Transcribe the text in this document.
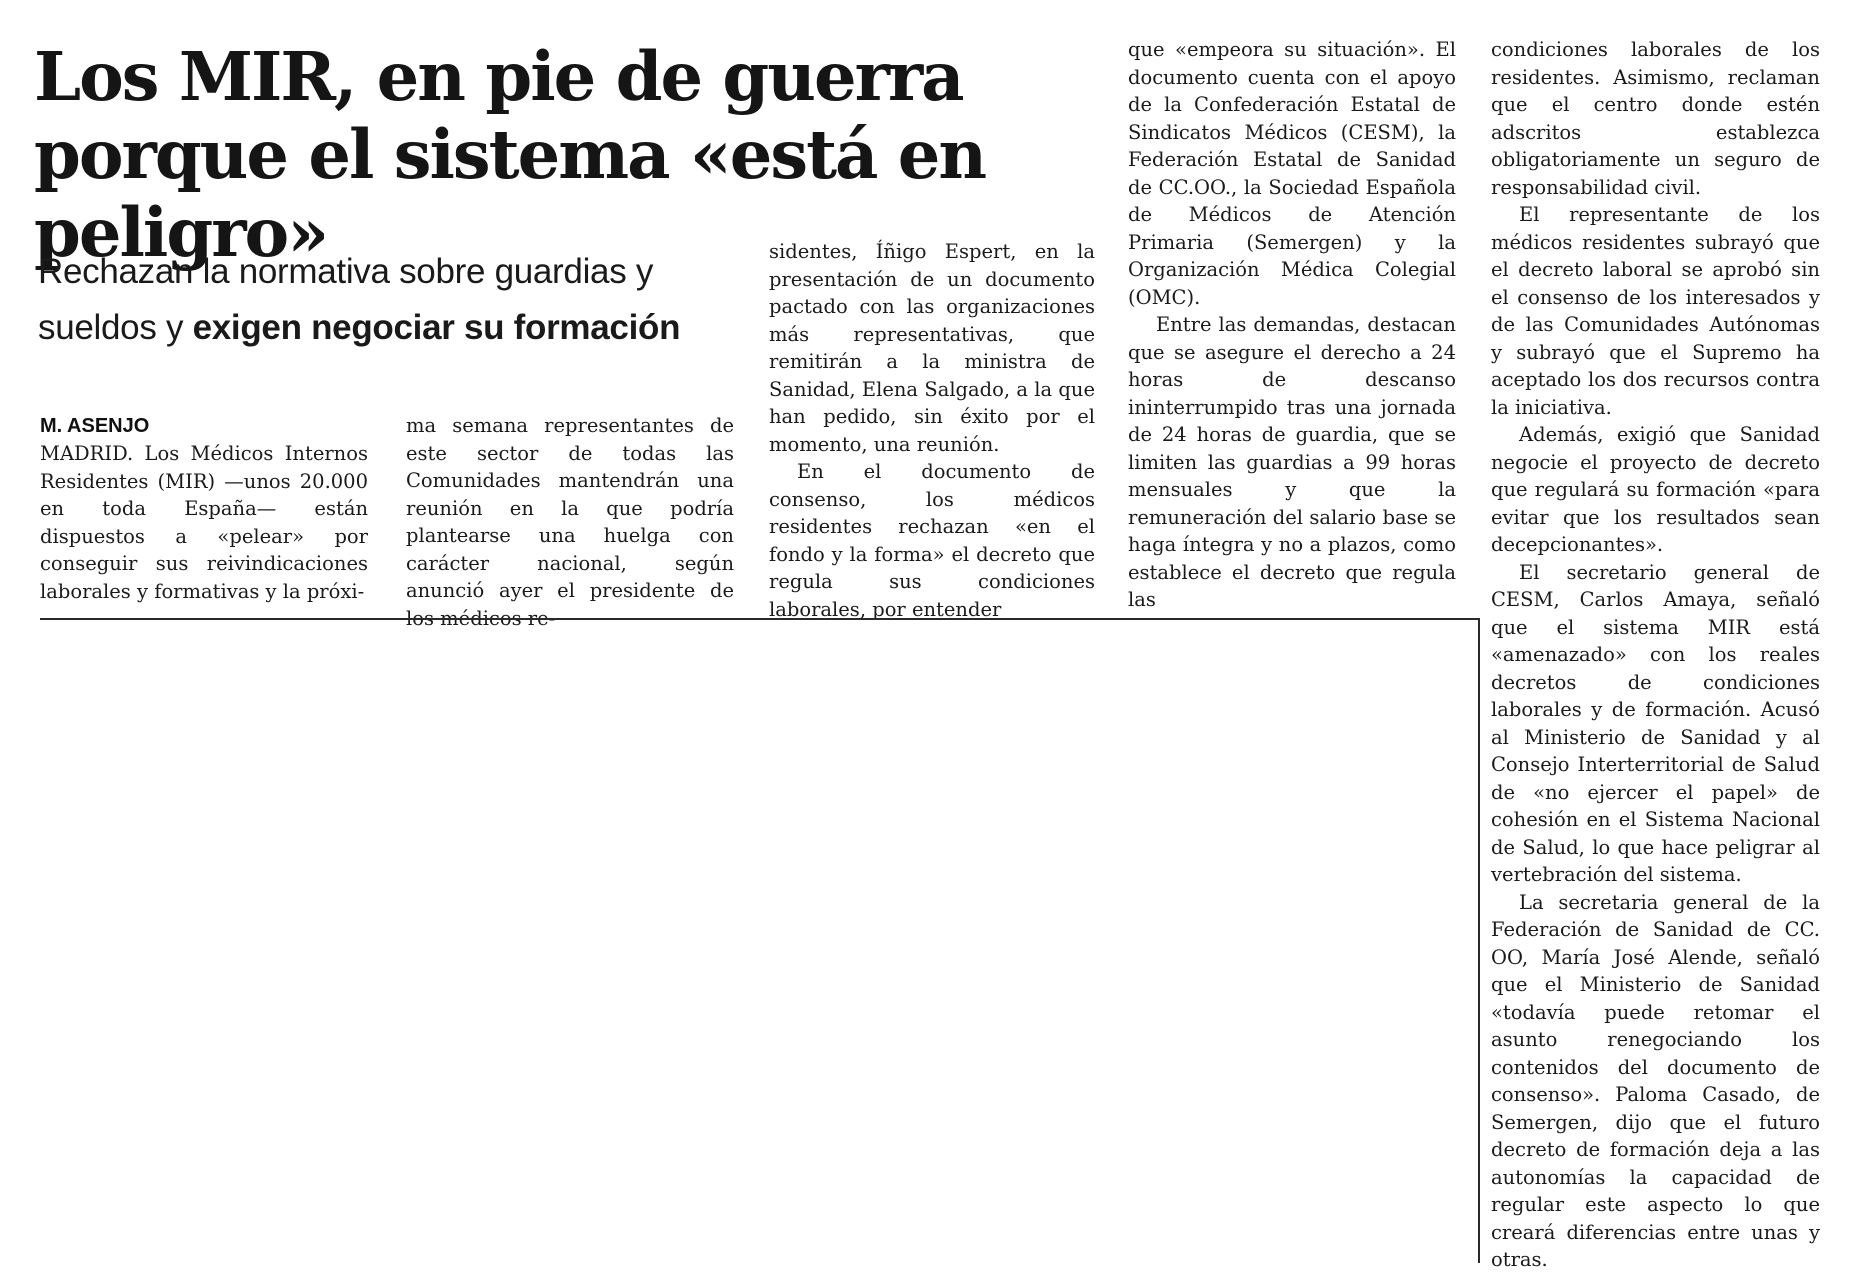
Los MIR, en pie de guerra porque el sistema «está en peligro»
Rechazan la normativa sobre guardias y sueldos y exigen negociar su formación
M. ASENJO

MADRID. Los Médicos Internos Residentes (MIR) —unos 20.000 en toda España— están dispuestos a «pelear» por conseguir sus reivindicaciones laborales y formativas y la próxi-

ma semana representantes de este sector de todas las Comunidades mantendrán una reunión en la que podría plantearse una huelga con carácter nacional, según anunció ayer el presidente de los médicos re-

sidentes, Íñigo Espert, en la presentación de un documento pactado con las organizaciones más representativas, que remitirán a la ministra de Sanidad, Elena Salgado, a la que han pedido, sin éxito por el momento, una reunión.

En el documento de consenso, los médicos residentes rechazan «en el fondo y la forma» el decreto que regula sus condiciones laborales, por entender

que «empeora su situación». El documento cuenta con el apoyo de la Confederación Estatal de Sindicatos Médicos (CESM), la Federación Estatal de Sanidad de CC.OO., la Sociedad Española de Médicos de Atención Primaria (Semergen) y la Organización Médica Colegial (OMC).

Entre las demandas, destacan que se asegure el derecho a 24 horas de descanso ininterrumpido tras una jornada de 24 horas de guardia, que se limiten las guardias a 99 horas mensuales y que la remuneración del salario base se haga íntegra y no a plazos, como establece el decreto que regula las

condiciones laborales de los residentes. Asimismo, reclaman que el centro donde estén adscritos establezca obligatoriamente un seguro de responsabilidad civil.

El representante de los médicos residentes subrayó que el decreto laboral se aprobó sin el consenso de los interesados y de las Comunidades Autónomas y subrayó que el Supremo ha aceptado los dos recursos contra la iniciativa.

Además, exigió que Sanidad negocie el proyecto de decreto que regulará su formación «para evitar que los resultados sean decepcionantes».

El secretario general de CESM, Carlos Amaya, señaló que el sistema MIR está «amenazado» con los reales decretos de condiciones laborales y de formación. Acusó al Ministerio de Sanidad y al Consejo Interterritorial de Salud de «no ejercer el papel» de cohesión en el Sistema Nacional de Salud, lo que hace peligrar al vertebración del sistema.

La secretaria general de la Federación de Sanidad de CC. OO, María José Alende, señaló que el Ministerio de Sanidad «todavía puede retomar el asunto renegociando los contenidos del documento de consenso». Paloma Casado, de Semergen, dijo que el futuro decreto de formación deja a las autonomías la capacidad de regular este aspecto lo que creará diferencias entre unas y otras.
